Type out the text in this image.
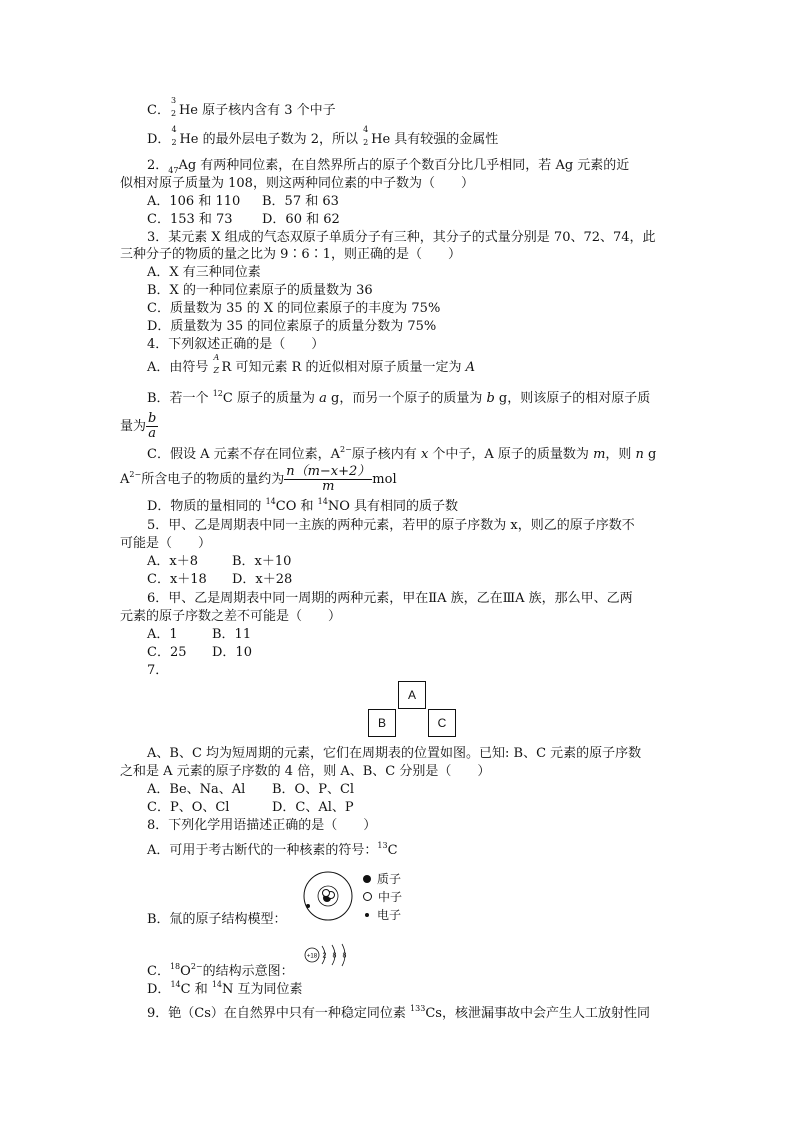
C．
3
2 He 原子核内含有 3 个中子
D．
4
2 He 的最外层电子数为 2，所以
4
2 He 具有较强的金属性
2．$_{47}$Ag 有两种同位素，在自然界所占的原子个数百分比几乎相同，若 Ag 元素的近
似相对原子质量为 108，则这两种同位素的中子数为（　　）
A．106 和 110 B．57 和 63
C．153 和 73 D．60 和 62
3．某元素 X 组成的气态双原子单质分子有三种，其分子的式量分别是 70、72、74，此
三种分子的物质的量之比为 9∶6∶1，则正确的是（　　）
A．X 有三种同位素
B．X 的一种同位素原子的质量数为 36
C．质量数为 35 的 X 的同位素原子的丰度为 75%
D．质量数为 35 的同位素原子的质量分数为 75%
4．下列叙述正确的是（　　）
A．由符号
A
Z R 可知元素 R 的近似相对原子质量一定为 A
B．若一个 $^{12}$C 原子的质量为 a g，而另一个原子的质量为 b g，则该原子的相对原子质
量为 $\frac{b}{a}$
C．假设 A 元素不存在同位素，$A^{2-}$原子核内有 x 个中子，A 原子的质量数为 m，则 n g
$A^{2-}$所含电子的物质的量约为 $\frac{n(m-x+2)}{m}$ mol
D．物质的量相同的 $^{14}$CO 和 $^{14}$NO 具有相同的质子数
5．甲、乙是周期表中同一主族的两种元素，若甲的原子序数为 x，则乙的原子序数不
可能是（　　）
A．x＋8	B．x＋10
C．x＋18 D．x＋28
6．甲、乙是周期表中同一周期的两种元素，甲在ⅡA 族，乙在ⅢA 族，那么甲、乙两
元素的原子序数之差不可能是（　　）
A．1	B．11
C．25 D．10
7．
A
B	C
A、B、C 均为短周期的元素，它们在周期表的位置如图。已知: B、C 元素的原子序数
之和是 A 元素的原子序数的 4 倍，则 A、B、C 分别是（　　）
A．Be、Na、Al B．O、P、Cl
C．P、O、Cl	D．C、Al、P
8．下列化学用语描述正确的是（　　）
A．可用于考古断代的一种核素的符号：$^{13}$C
质子
中子
电子
B．氚的原子结构模型：
+18 2 8 8
C．$^{18}O^{2-}$的结构示意图：
D．$^{14}$C 和 $^{14}$N 互为同位素
9．铯（Cs）在自然界中只有一种稳定同位素 $^{133}$Cs，核泄漏事故中会产生人工放射性同
